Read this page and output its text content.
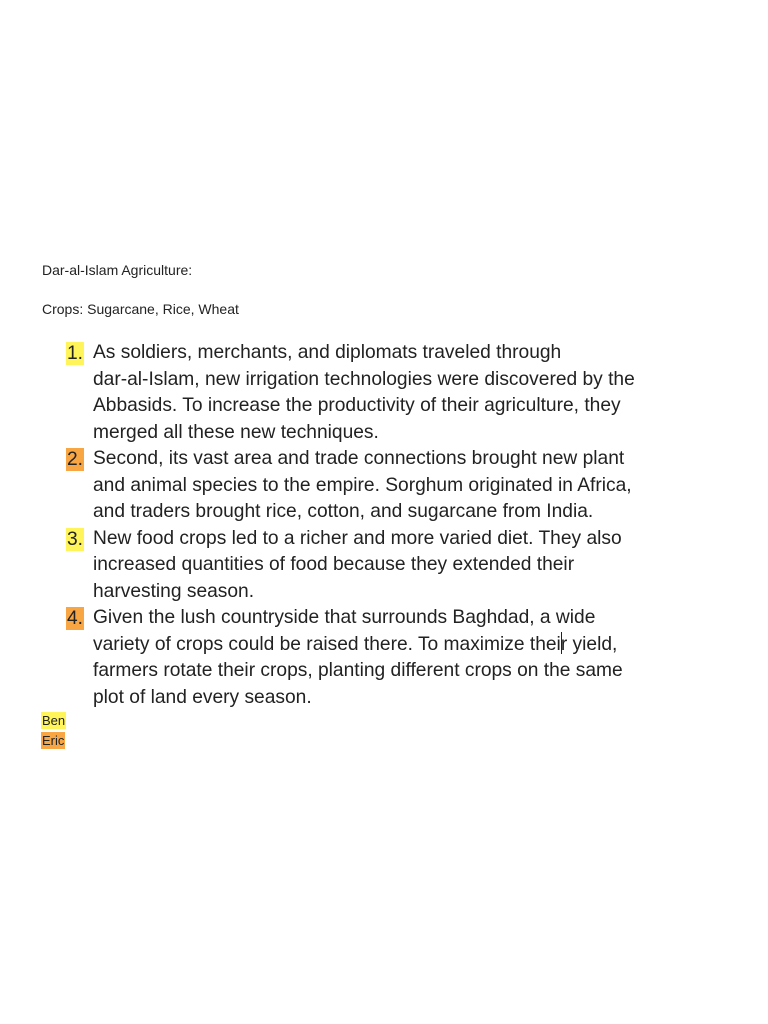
Dar-al-Islam Agriculture:
Crops: Sugarcane, Rice, Wheat
1. As soldiers, merchants, and diplomats traveled through
dar-al-Islam, new irrigation technologies were discovered by the
Abbasids. To increase the productivity of their agriculture, they
merged all these new techniques.
2. Second, its vast area and trade connections brought new plant
and animal species to the empire. Sorghum originated in Africa,
and traders brought rice, cotton, and sugarcane from India.
3. New food crops led to a richer and more varied diet. They also
increased quantities of food because they extended their
harvesting season.
4. Given the lush countryside that surrounds Baghdad, a wide
variety of crops could be raised there. To maximize their yield,
farmers rotate their crops, planting different crops on the same
plot of land every season.
Ben
Eric
